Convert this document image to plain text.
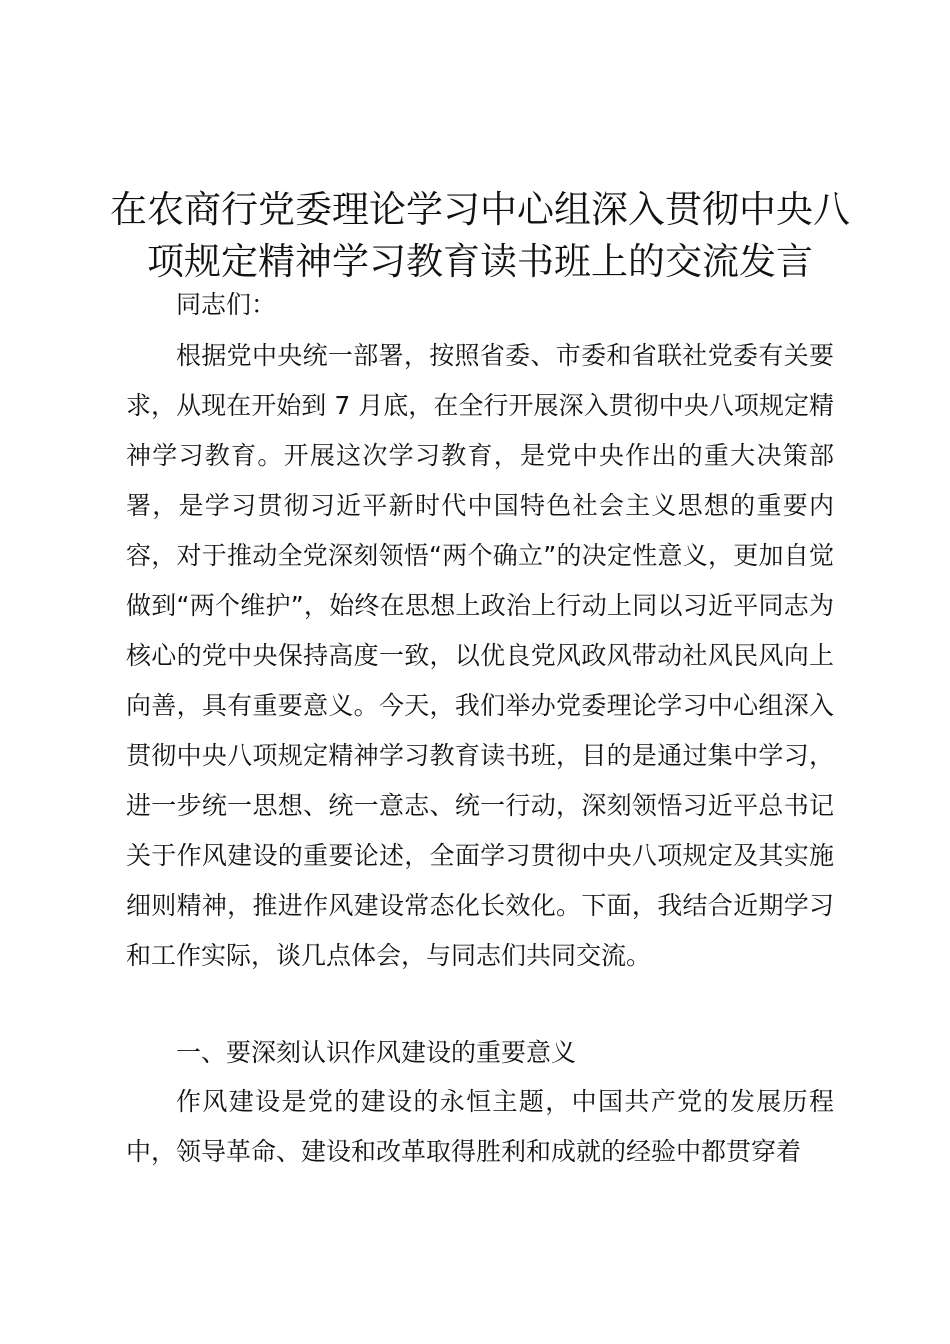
在农商行党委理论学习中心组深入贯彻中央八项规定精神学习教育读书班上的交流发言

同志们：

根据党中央统一部署，按照省委、市委和省联社党委有关要求，从现在开始到 7 月底，在全行开展深入贯彻中央八项规定精神学习教育。开展这次学习教育，是党中央作出的重大决策部署，是学习贯彻习近平新时代中国特色社会主义思想的重要内容，对于推动全党深刻领悟“两个确立”的决定性意义，更加自觉做到“两个维护”，始终在思想上政治上行动上同以习近平同志为核心的党中央保持高度一致，以优良党风政风带动社风民风向上向善，具有重要意义。今天，我们举办党委理论学习中心组深入贯彻中央八项规定精神学习教育读书班，目的是通过集中学习，进一步统一思想、统一意志、统一行动，深刻领悟习近平总书记关于作风建设的重要论述，全面学习贯彻中央八项规定及其实施细则精神，推进作风建设常态化长效化。下面，我结合近期学习和工作实际，谈几点体会，与同志们共同交流。

一、要深刻认识作风建设的重要意义

作风建设是党的建设的永恒主题，中国共产党的发展历程中，领导革命、建设和改革取得胜利和成就的经验中都贯穿着
